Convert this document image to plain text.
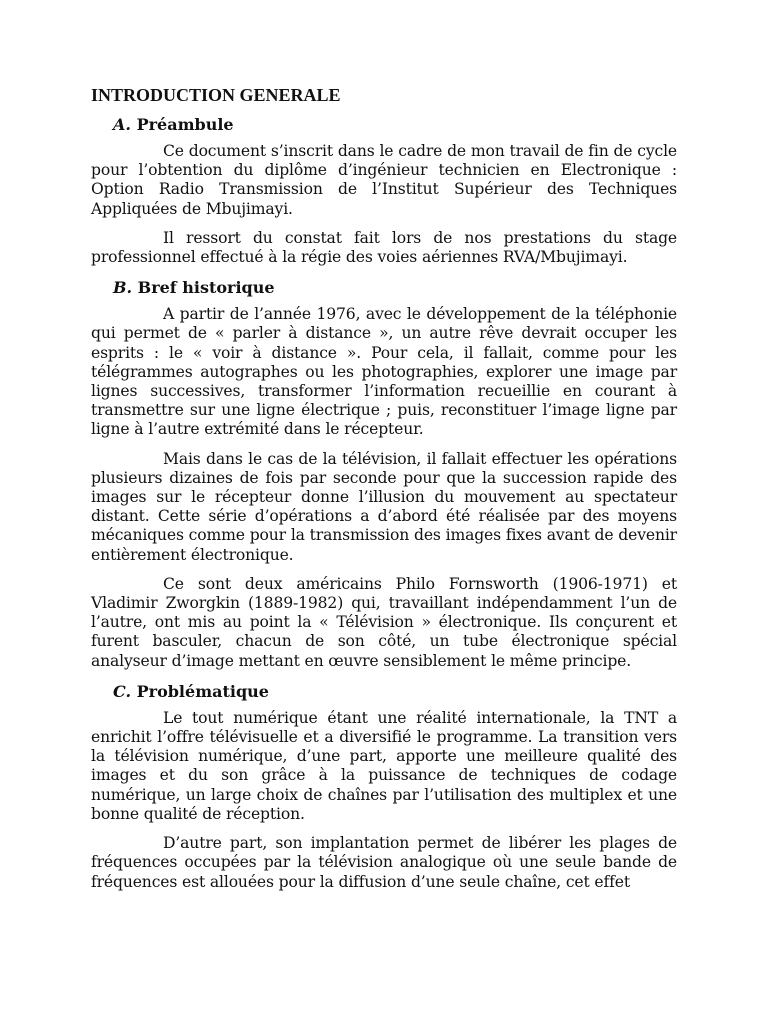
INTRODUCTION GENERALE
A. Préambule

Ce document s’inscrit dans le cadre de mon travail de fin de cycle pour l’obtention du diplôme d’ingénieur technicien en Electronique : Option Radio Transmission de l’Institut Supérieur des Techniques Appliquées de Mbujimayi.

Il ressort du constat fait lors de nos prestations du stage professionnel effectué à la régie des voies aériennes RVA/Mbujimayi.

B. Bref historique

A partir de l’année 1976, avec le développement de la téléphonie qui permet de « parler à distance », un autre rêve devrait occuper les esprits : le « voir à distance ». Pour cela, il fallait, comme pour les télégrammes autographes ou les photographies, explorer une image par lignes successives, transformer l’information recueillie en courant à transmettre sur une ligne électrique ; puis, reconstituer l’image ligne par ligne à l’autre extrémité dans le récepteur.

Mais dans le cas de la télévision, il fallait effectuer les opérations plusieurs dizaines de fois par seconde pour que la succession rapide des images sur le récepteur donne l’illusion du mouvement au spectateur distant. Cette série d’opérations a d’abord été réalisée par des moyens mécaniques comme pour la transmission des images fixes avant de devenir entièrement électronique.

Ce sont deux américains Philo Fornsworth (1906-1971) et Vladimir Zworgkin (1889-1982) qui, travaillant indépendamment l’un de l’autre, ont mis au point la « Télévision » électronique. Ils conçurent et furent basculer, chacun de son côté, un tube électronique spécial analyseur d’image mettant en œuvre sensiblement le même principe.

C. Problématique

Le tout numérique étant une réalité internationale, la TNT a enrichit l’offre télévisuelle et a diversifié le programme. La transition vers la télévision numérique, d’une part, apporte une meilleure qualité des images et du son grâce à la puissance de techniques de codage numérique, un large choix de chaînes par l’utilisation des multiplex et une bonne qualité de réception.

D’autre part, son implantation permet de libérer les plages de fréquences occupées par la télévision analogique où une seule bande de fréquences est allouées pour la diffusion d’une seule chaîne, cet effet
